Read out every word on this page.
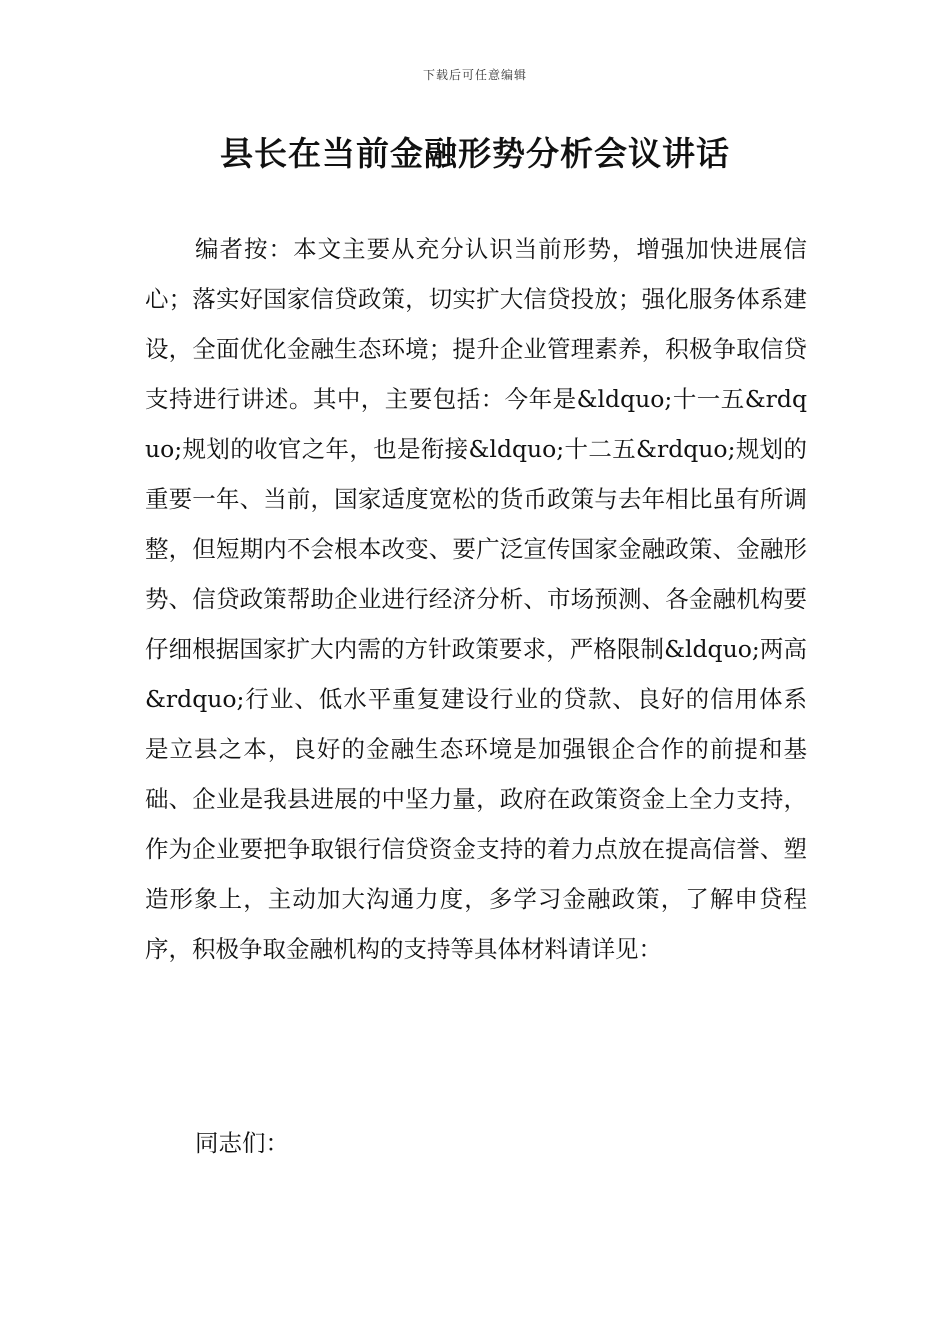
下载后可任意编辑
县长在当前金融形势分析会议讲话

编者按：本文主要从充分认识当前形势，增强加快进展信心；落实好国家信贷政策，切实扩大信贷投放；强化服务体系建设，全面优化金融生态环境；提升企业管理素养，积极争取信贷支持进行讲述。其中，主要包括：今年是&ldquo;十一五&rdquo;规划的收官之年，也是衔接&ldquo;十二五&rdquo;规划的重要一年、当前，国家适度宽松的货币政策与去年相比虽有所调整，但短期内不会根本改变、要广泛宣传国家金融政策、金融形势、信贷政策帮助企业进行经济分析、市场预测、各金融机构要仔细根据国家扩大内需的方针政策要求，严格限制&ldquo;两高&rdquo;行业、低水平重复建设行业的贷款、良好的信用体系是立县之本，良好的金融生态环境是加强银企合作的前提和基础、企业是我县进展的中坚力量，政府在政策资金上全力支持，作为企业要把争取银行信贷资金支持的着力点放在提高信誉、塑造形象上，主动加大沟通力度，多学习金融政策，了解申贷程序，积极争取金融机构的支持等具体材料请详见：

同志们：
